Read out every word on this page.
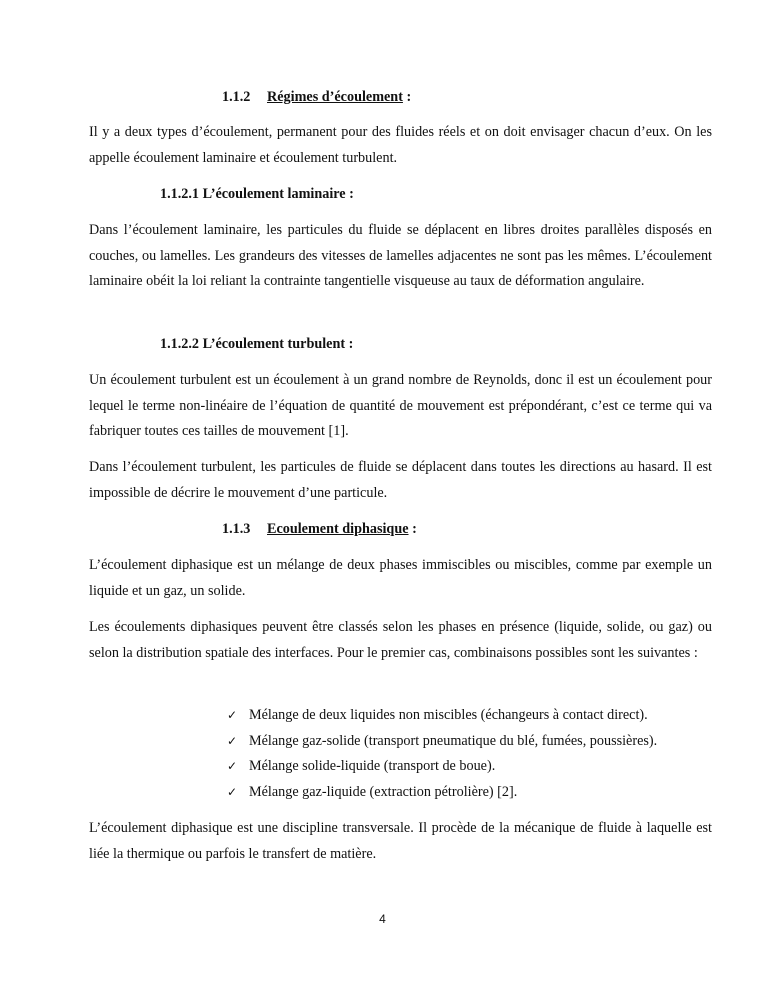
1.1.2 Régimes d’écoulement :

Il y a deux types d’écoulement, permanent pour des fluides réels et on doit envisager chacun d’eux. On les appelle écoulement laminaire et écoulement turbulent.

1.1.2.1 L’écoulement laminaire :

Dans l’écoulement laminaire, les particules du fluide se déplacent en libres droites parallèles disposés en couches, ou lamelles. Les grandeurs des vitesses de lamelles adjacentes ne sont pas les mêmes. L’écoulement laminaire obéit la loi reliant la contrainte tangentielle visqueuse au taux de déformation angulaire.

1.1.2.2 L’écoulement turbulent :

Un écoulement turbulent est un écoulement à un grand nombre de Reynolds, donc il est un écoulement pour lequel le terme non-linéaire de l’équation de quantité de mouvement est prépondérant, c’est ce terme qui va fabriquer toutes ces tailles de mouvement [1].

Dans l’écoulement turbulent, les particules de fluide se déplacent dans toutes les directions au hasard. Il est impossible de décrire le mouvement d’une particule.

1.1.3 Ecoulement diphasique :

L’écoulement diphasique est un mélange de deux phases immiscibles ou miscibles, comme par exemple un liquide et un gaz, un solide.

Les écoulements diphasiques peuvent être classés selon les phases en présence (liquide, solide, ou gaz) ou selon la distribution spatiale des interfaces. Pour le premier cas, combinaisons possibles sont les suivantes :

✓ Mélange de deux liquides non miscibles (échangeurs à contact direct).
✓ Mélange gaz-solide (transport pneumatique du blé, fumées, poussières).
✓ Mélange solide-liquide (transport de boue).
✓ Mélange gaz-liquide (extraction pétrolière) [2].

L’écoulement diphasique est une discipline transversale. Il procède de la mécanique de fluide à laquelle est liée la thermique ou parfois le transfert de matière.

4
